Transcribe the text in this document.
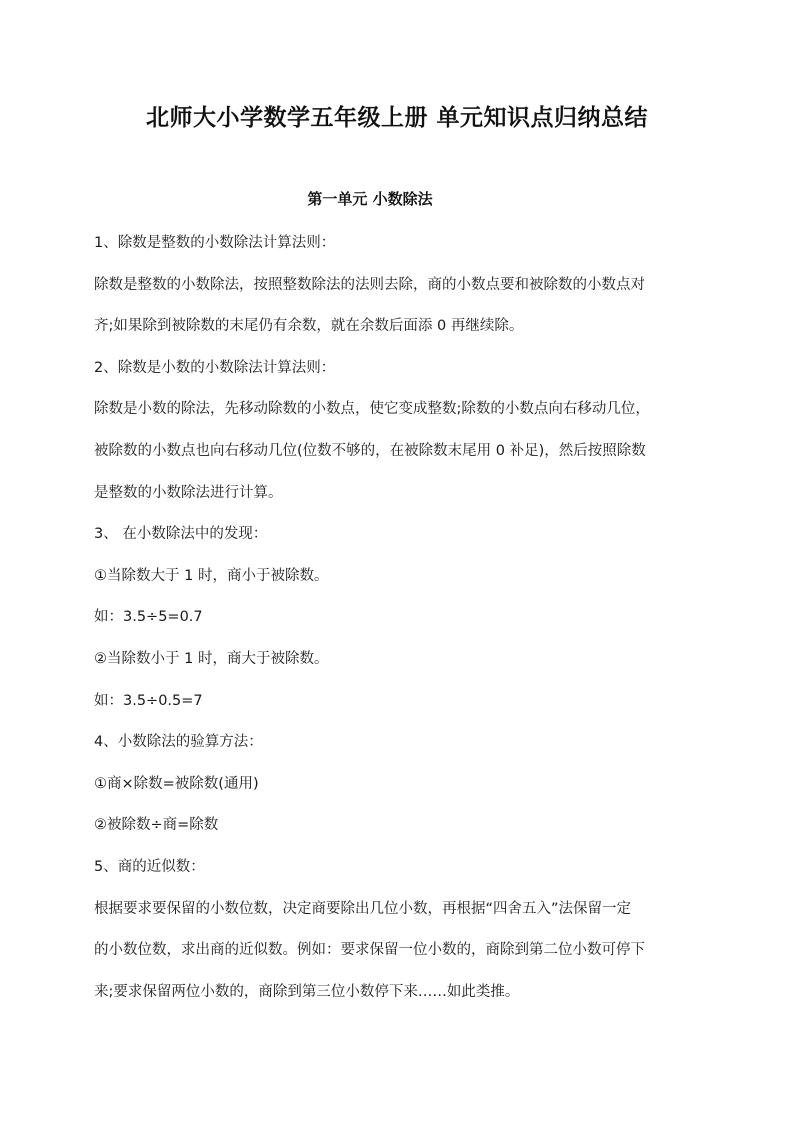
北师大小学数学五年级上册 单元知识点归纳总结
第一单元 小数除法
1、除数是整数的小数除法计算法则：
除数是整数的小数除法，按照整数除法的法则去除，商的小数点要和被除数的小数点对
齐;如果除到被除数的末尾仍有余数，就在余数后面添 0 再继续除。
2、除数是小数的小数除法计算法则：
除数是小数的除法，先移动除数的小数点，使它变成整数;除数的小数点向右移动几位，
被除数的小数点也向右移动几位(位数不够的，在被除数末尾用 0 补足)，然后按照除数
是整数的小数除法进行计算。
3、 在小数除法中的发现：
①当除数大于 1 时，商小于被除数。
如：3.5÷5=0.7
②当除数小于 1 时，商大于被除数。
如：3.5÷0.5=7
4、小数除法的验算方法：
①商×除数=被除数(通用)
②被除数÷商=除数
5、商的近似数：
根据要求要保留的小数位数，决定商要除出几位小数，再根据“四舍五入”法保留一定
的小数位数，求出商的近似数。例如：要求保留一位小数的，商除到第二位小数可停下
来;要求保留两位小数的，商除到第三位小数停下来……如此类推。
